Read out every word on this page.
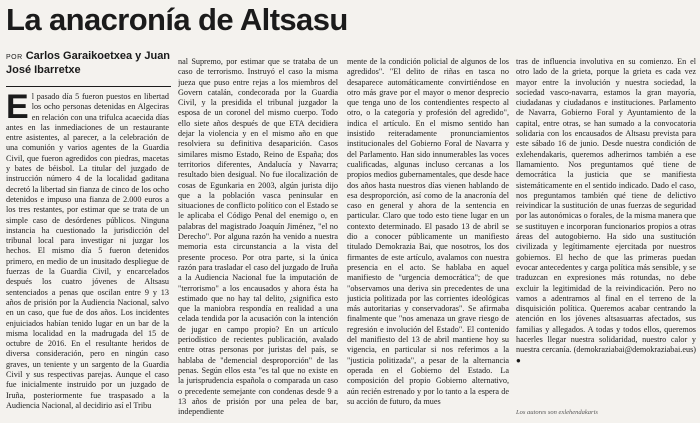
La anacronía de Altsasu
POR Carlos Garaikoetxea y Juan José Ibarretxe

El pasado día 5 fueron puestos en libertad los ocho personas detenidas en Algeciras en relación con una trifulca acaecida días antes en las inmediaciones de un restaurante entre asistentes, al parecer, a la celebración de una comunión y varios agentes de la Guardia Civil, que fueron agredidos con piedras, macetas y bates de béisbol. La titular del juzgado de instrucción número 4 de la localidad gaditana decretó la libertad sin fianza de cinco de los ocho detenidos e impuso una fianza de 2.000 euros a los tres restantes, por estimar que se trata de un simple caso de desórdenes públicos. Ninguna instancia ha cuestionado la jurisdicción del tribunal local para investigar ni juzgar los hechos. El mismo día 5 fueron detenidos primero, en medio de un inusitado despliegue de fuerzas de la Guardia Civil, y encarcelados después los cuatro jóvenes de Altsasu sentenciados a penas que oscilan entre 9 y 13 años de prisión por la Audiencia Nacional, salvo en un caso, que fue de dos años. Los incidentes enjuiciados habían tenido lugar en un bar de la misma localidad en la madrugada del 15 de octubre de 2016. En el resultante heridos de diversa consideración, pero en ningún caso graves, un teniente y un sargento de la Guardia Civil y sus respectivas parejas. Aunque el caso fue inicialmente instruido por un juzgado de Iruña, posteriormente fue traspasado a la Audiencia Nacional, al decidirio así el Tribu

nal Supremo, por estimar que se trataba de un caso de terrorismo. Instruyó el caso la misma jueza que puso entre rejas a los miembros del Govern catalán, condecorada por la Guardia Civil, y la presidida el tribunal juzgador la esposa de un coronel del mismo cuerpo. Todo ello siete años después de que ETA decidiera dejar la violencia y en el mismo año en que resolviera su definitiva desaparición. Casos similares mismo Estado, Reino de España; dos territorios diferentes, Andalucía y Navarra; resultado bien desigual. No fue ilocalización de cosas de Egunkaria en 2003, algún jurista dijo que a la población vasca peninsular en situaciones de conflicto político con el Estado se le aplicaba el Código Penal del enemigo o, en palabras del magistrado Joaquín Jiménez, "el no Derecho". Por alguna razón ha venido a nuestra memoria esta circunstancia a la vista del presente proceso. Por otra parte, si la única razón para trasladar el caso del juzgado de Iruña a la Audiencia Nacional fue la imputación de "terrorismo" a los encausados y ahora ésta ha estimado que no hay tal delito, ¿significa esto que la maniobra respondía en realidad a una celada tendida por la acusación con la intención de jugar en campo propio? En un artículo periodístico de recientes publicación, avalado entre otras personas por juristas del país, se hablaba de "demencial desproporción" de las penas. Según ellos esta "es tal que no existe en la jurisprudencia española o comparada un caso o precedente semejante con condenas desde 9 a 13 años de prisión por una pelea de bar, independiente

mente de la condición policial de algunos de los agredidos". "El delito de riñas en tasca no desaparece automáticamente convirtiéndose en otro más grave por el mayor o menor desprecio que tenga uno de los contendientes respecto al otro, o la categoría y profesión del agredido", indica el artículo. En el mismo sentido han insistido reiteradamente pronunciamientos institucionales del Gobierno Foral de Navarra y del Parlamento. Han sido innumerables las voces cualificadas, algunas incluso cercanas a los propios medios gubernamentales, que desde hace dos años hasta nuestros días vienen hablando de esa desproporción, así como de la anacronía del caso en general y ahora de la sentencia en particular. Claro que todo esto tiene lugar en un contexto determinado. El pasado 13 de abril se dio a conocer públicamente un manifiesto titulado Demokrazia Bai, que nosotros, los dos firmantes de este artículo, avalamos con nuestra presencia en el acto. Se hablaba en aquel manifiesto de "urgencia democrática"; de que "observamos una deriva sin precedentes de una justicia politizada por las corrientes ideológicas más autoritarias y conservadoras". Se afirmaba finalmente que "nos amenaza un grave riesgo de regresión e involución del Estado". El contenido del manifiesto del 13 de abril mantiene hoy su vigencia, en particular si nos referimos a la "justicia politizada", a pesar de la alternancia operada en el Gobierno del Estado. La composición del propio Gobierno alternativo, aún recién estrenado y por lo tanto a la espera de su acción de futuro, da mues

tras de influencia involutiva en su comienzo. En el otro lado de la grieta, porque la grieta es cada vez mayor entre la involución y nuestra sociedad, la sociedad vasco-navarra, estamos la gran mayoría, ciudadanas y ciudadanos e instituciones. Parlamento de Navarra, Gobierno Foral y Ayuntamiento de la capital, entre otras, se han sumado a la convocatoria solidaria con los encausados de Altsasu prevista para este sábado 16 de junio. Desde nuestra condición de exlehendakaris, queremos adherirnos también a ese llamamiento. Nos preguntamos qué tiene de democrática la justicia que se manifiesta sistemáticamente en el sentido indicado. Dado el caso, nos preguntamos también qué tiene de delictivo reivindicar la sustitución de unas fuerzas de seguridad por las autonómicas o forales, de la misma manera que se sustituyen e incorporan funcionarios propios a otras áreas del autogobierno. Ha sido una sustitución civilizada y legítimamente ejercitada por nuestros gobiernos. El hecho de que las primeras puedan evocar antecedentes y carga política más sensible, y se traduzcan en expresiones más rotundas, no debe excluir la legitimidad de la reivindicación. Pero no vamos a adentrarnos al final en el terreno de la disquisición política. Queremos acabar centrando la atención en los jóvenes altsasuarras afectados, sus familias y allegados. A todas y todos ellos, queremos hacerles llegar nuestra solidaridad, nuestro calor y nuestra cercanía. (demokraziabai@demokraziabai.eus) ●

Los autores son exlehendakaris
